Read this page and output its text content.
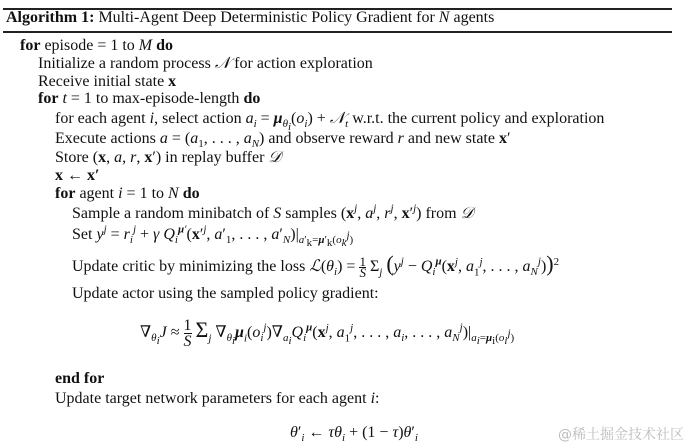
Algorithm 1: Multi-Agent Deep Deterministic Policy Gradient for N agents
for episode = 1 to M do
Initialize a random process 𝒩 for action exploration
Receive initial state x
for t = 1 to max-episode-length do
for each agent i, select action $a_i = \mu_{\theta_i}(o_i)$ + 𝒩$_t$ w.r.t. the current policy and exploration
Execute actions $a = (a_1$, . . . , $a_N$) and observe reward r and new state x′
Store (x, a, r, x′) in replay buffer 𝒟
x ← x′
for agent i = 1 to N do
Sample a random minibatch of S samples ($x^j$, $a^j$, $r^j$, $x'^j$) from 𝒟
Set $y^j = r_i^j + \gamma$ $Q_i^{\mu'}(x'^j$, $a'_1$, . . . , $a'_N)|_{a'_k=\mu'_k(o_k^j)}$
Update critic by minimizing the loss $ℒ(\theta_i) = \frac{1}{S} \Sigma_j$ ($y^j - Q_i^\mu(x^j$, $a_1^j$, . . . , $a_N^j))^2$
Update actor using the sampled policy gradient:
$\nabla_{\theta_i}J \approx \frac{1}{S} \Sigma_j$ $\nabla_{\theta_i}\mu_i(o_i^j)\nabla_{a_i}Q_i^\mu(x^j$, $a_1^j$, . . . , $a_i$, . . . , $a_N^j)|_{a_i=\mu_i(o_i^j)}$
end for
Update target network parameters for each agent i:
$\theta'_i$ ← $\tau\theta_i + (1 - \tau)\theta'_i$	@稀土掘金技术社区
